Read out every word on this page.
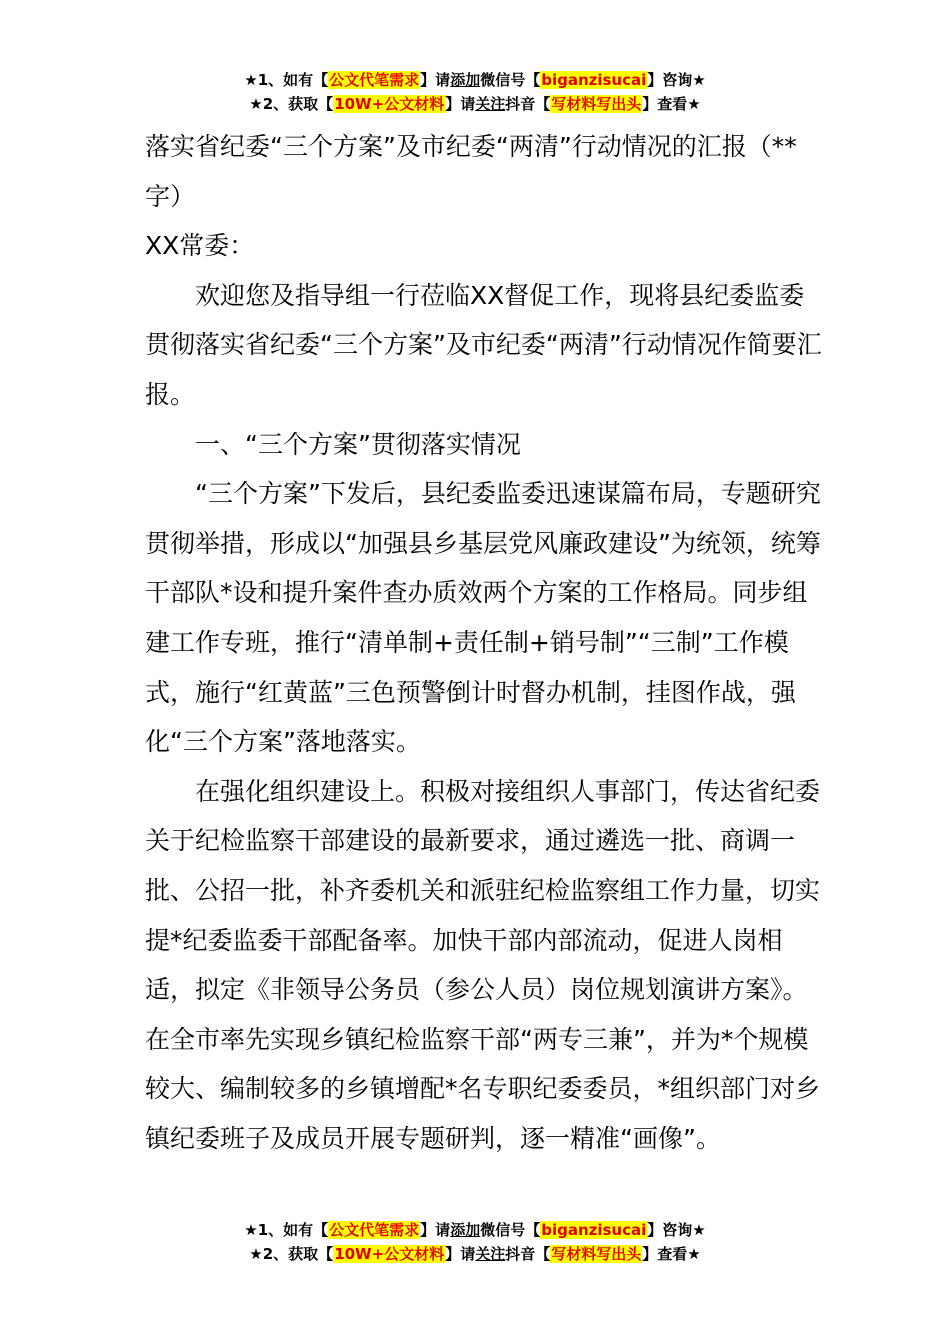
★1、如有【公文代笔需求】请添加微信号【biganzisucai】咨询★
★2、获取【10W+公文材料】请关注抖音【写材料写出头】查看★

落实省纪委“三个方案”及市纪委“两清”行动情况的汇报（**字）

XX常委：

欢迎您及指导组一行莅临XX督促工作，现将县纪委监委贯彻落实省纪委“三个方案”及市纪委“两清”行动情况作简要汇报。

一、“三个方案”贯彻落实情况

“三个方案”下发后，县纪委监委迅速谋篇布局，专题研究贯彻举措，形成以“加强县乡基层党风廉政建设”为统领，统筹干部队*设和提升案件查办质效两个方案的工作格局。同步组建工作专班，推行“清单制+责任制+销号制”“三制”工作模式，施行“红黄蓝”三色预警倒计时督办机制，挂图作战，强化“三个方案”落地落实。

在强化组织建设上。积极对接组织人事部门，传达省纪委关于纪检监察干部建设的最新要求，通过遴选一批、商调一批、公招一批，补齐委机关和派驻纪检监察组工作力量，切实提*纪委监委干部配备率。加快干部内部流动，促进人岗相适，拟定《非领导公务员（参公人员）岗位规划演讲方案》。在全市率先实现乡镇纪检监察干部“两专三兼”，并为*个规模较大、编制较多的乡镇增配*名专职纪委委员，*组织部门对乡镇纪委班子及成员开展专题研判，逐一精准“画像”。

★1、如有【公文代笔需求】请添加微信号【biganzisucai】咨询★
★2、获取【10W+公文材料】请关注抖音【写材料写出头】查看★
